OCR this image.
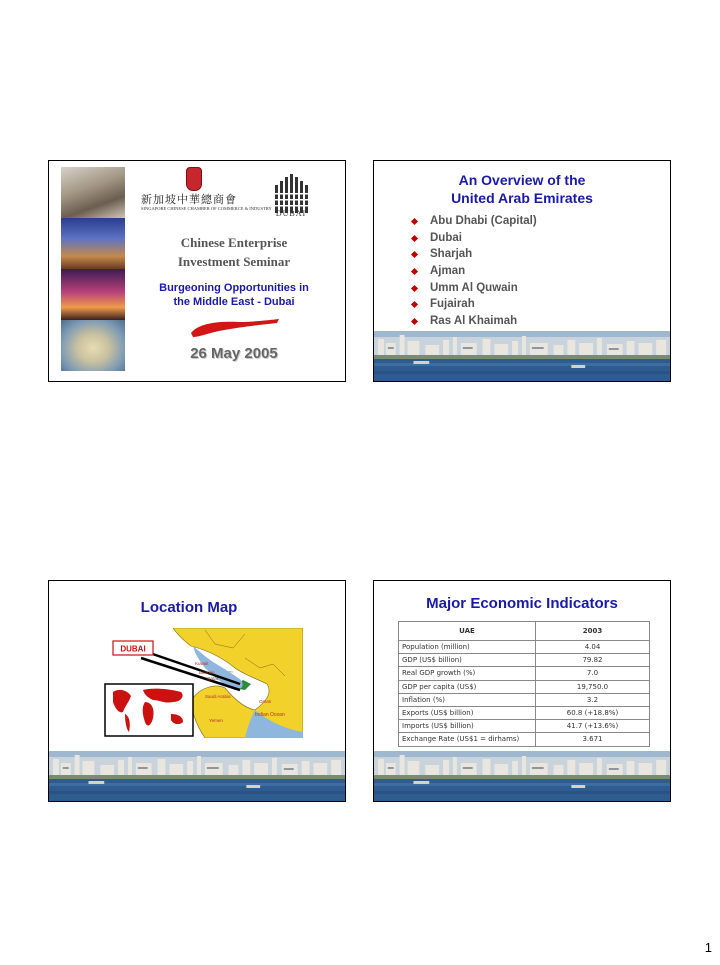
新加坡中華總商會
SINGAPORE CHINESE CHAMBER OF COMMERCE & INDUSTRY
DUBAI
Chinese Enterprise
Investment Seminar
Burgeoning Opportunities in
the Middle East - Dubai
26 May 2005
An Overview of the
United Arab Emirates
Abu Dhabi (Capital)
Dubai
Sharjah
Ajman
Umm Al Quwain
Fujairah
Ras Al Khaimah
Location Map
DUBAI
Kuwait
Bahrain
Qatar
Saudi Arabia
Oman
Yemen
Indian Ocean
Major Economic Indicators
UAE	2003
Population (million)	4.04
GDP (US$ billion)	79.82
Real GDP growth (%)	7.0
GDP per capita (US$)	19,750.0
Inflation (%)	3.2
Exports (US$ billion)	60.8 (+18.8%)
Imports (US$ billion)	41.7 (+13.6%)
Exchange Rate (US$1 = dirhams)	3.671
1
